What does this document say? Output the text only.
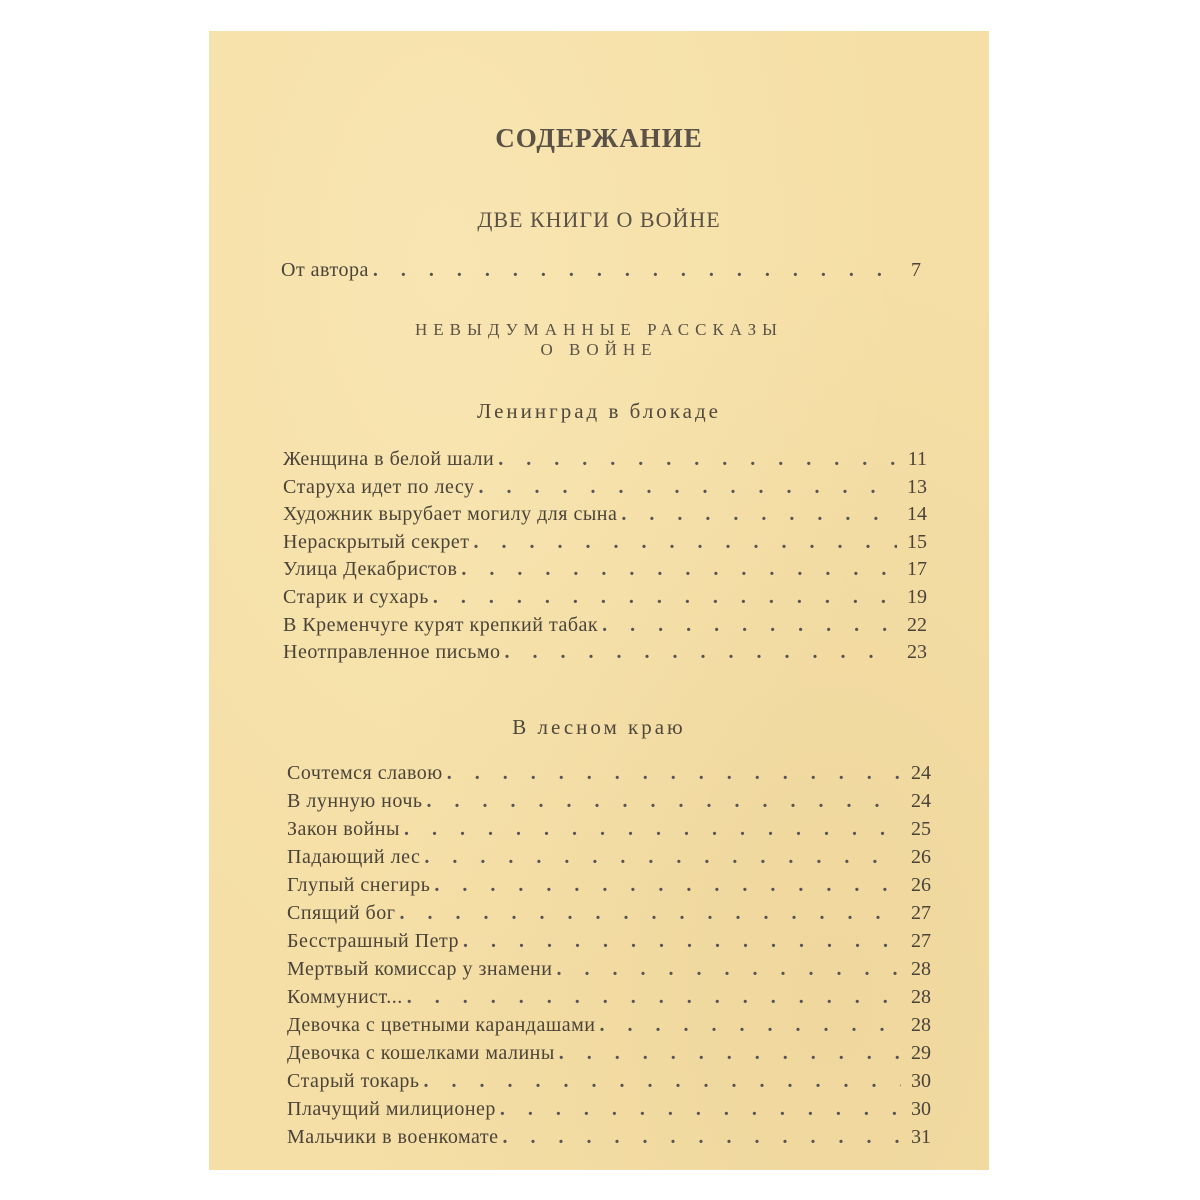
СОДЕРЖАНИЕ
ДВЕ КНИГИ О ВОЙНЕ
От автора . . .	7
НЕВЫДУМАННЫЕ РАССКАЗЫ
О ВОЙНЕ
Ленинград в блокаде
Женщина в белой шали . . .	11
Старуха идет по лесу . . .	13
Художник вырубает могилу для сына . . .	14
Нераскрытый секрет . . .	15
Улица Декабристов . . .	17
Старик и сухарь . . .	19
В Кременчуге курят крепкий табак . . .	22
Неотправленное письмо . . .	23
В лесном краю
Сочтемся славою . . .	24
В лунную ночь . . .	24
Закон войны . . .	25
Падающий лес . . .	26
Глупый снегирь . . .	26
Спящий бог . . .	27
Бесстрашный Петр . . .	27
Мертвый комиссар у знамени . . .	28
Коммунист... . . .	28
Девочка с цветными карандашами . . .	28
Девочка с кошелками малины . . .	29
Старый токарь . . .	30
Плачущий милиционер . . .	30
Мальчики в военкомате . . .	31
